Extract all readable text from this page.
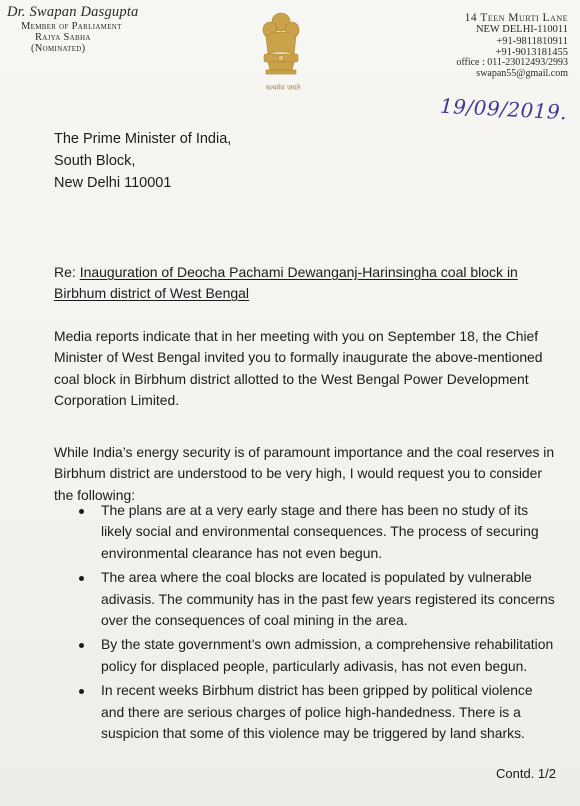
Dr. Swapan Dasgupta
Member of Parliament
Rajya Sabha
(Nominated)
सत्यमेव जयते
14 Teen Murti Lane
NEW DELHI-110011
+91-9811810911
+91-9013181455
office : 011-23012493/2993
swapan55@gmail.com
19/09/2019.
The Prime Minister of India,
South Block,
New Delhi 110001
Re: Inauguration of Deocha Pachami Dewanganj-Harinsingha coal block in
Birbhum district of West Bengal
Media reports indicate that in her meeting with you on September 18, the Chief Minister of West Bengal invited you to formally inaugurate the above-mentioned coal block in Birbhum district allotted to the West Bengal Power Development Corporation Limited.
While India’s energy security is of paramount importance and the coal reserves in Birbhum district are understood to be very high, I would request you to consider the following:
The plans are at a very early stage and there has been no study of its likely social and environmental consequences. The process of securing environmental clearance has not even begun.
The area where the coal blocks are located is populated by vulnerable adivasis. The community has in the past few years registered its concerns over the consequences of coal mining in the area.
By the state government’s own admission, a comprehensive rehabilitation policy for displaced people, particularly adivasis, has not even begun.
In recent weeks Birbhum district has been gripped by political violence and there are serious charges of police high-handedness. There is a suspicion that some of this violence may be triggered by land sharks.
Contd. 1/2
